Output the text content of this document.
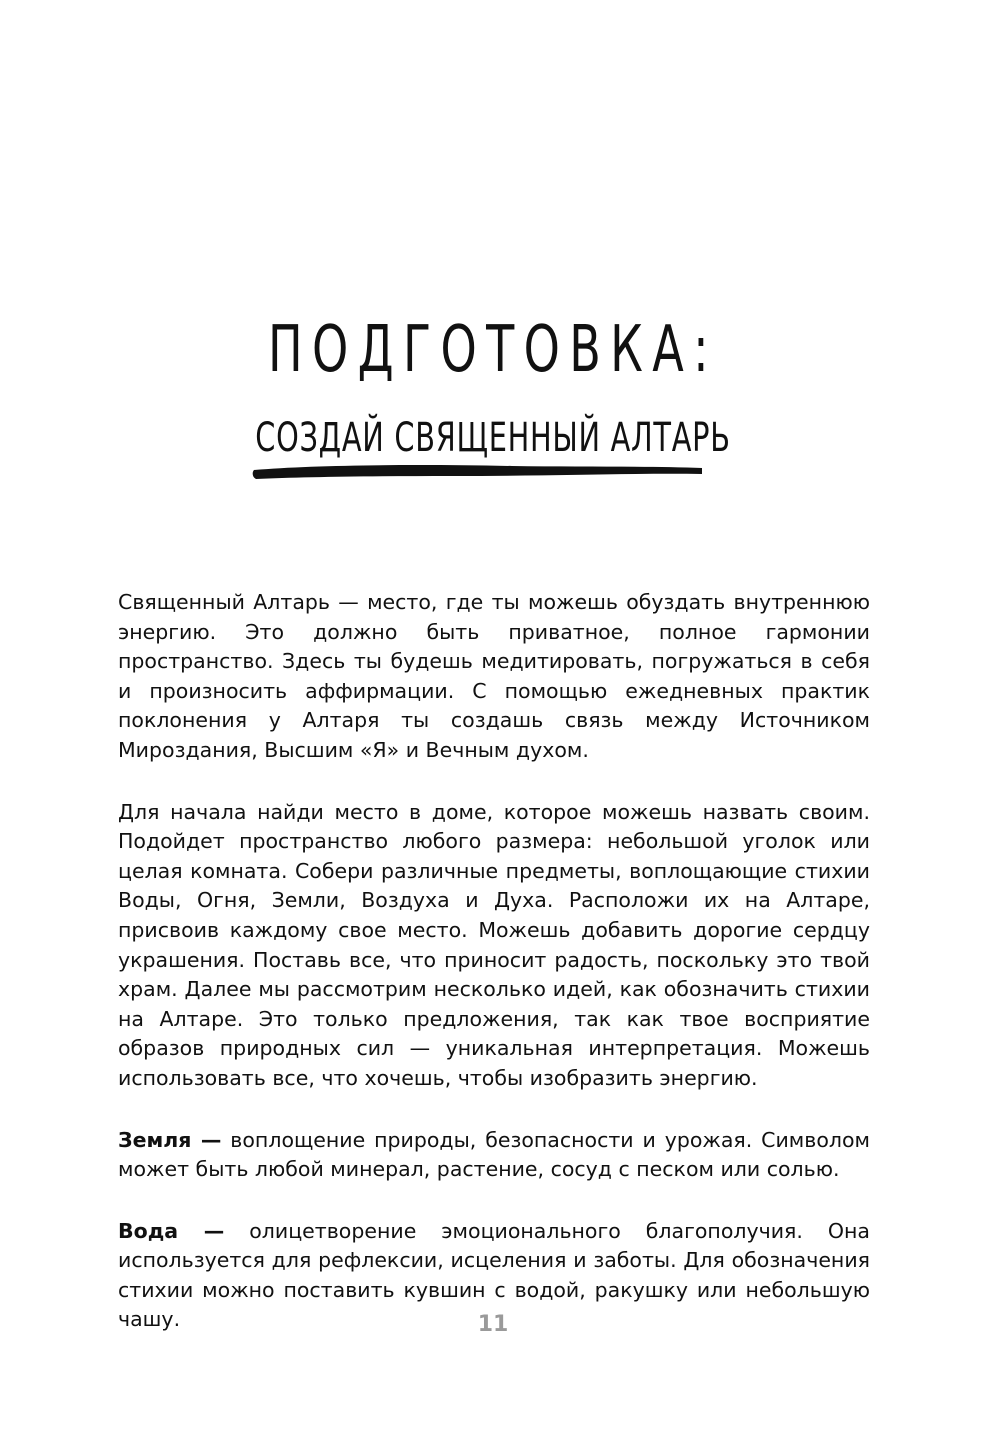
ПОДГОТОВКА:
СОЗДАЙ СВЯЩЕННЫЙ АЛТАРЬ

Священный Алтарь — место, где ты можешь обуздать внутреннюю энергию. Это должно быть приватное, полное гармонии пространство. Здесь ты будешь медитировать, погружаться в себя и произносить аффирмации. С помощью ежедневных практик поклонения у Алтаря ты создашь связь между Источником Мироздания, Высшим «Я» и Вечным духом.

Для начала найди место в доме, которое можешь назвать своим. Подойдет пространство любого размера: небольшой уголок или целая комната. Собери различные предметы, воплощающие стихии Воды, Огня, Земли, Воздуха и Духа. Расположи их на Алтаре, присвоив каждому свое место. Можешь добавить дорогие сердцу украшения. Поставь все, что приносит радость, поскольку это твой храм. Далее мы рассмотрим несколько идей, как обозначить стихии на Алтаре. Это только предложения, так как твое восприятие образов природных сил — уникальная интерпретация. Можешь использовать все, что хочешь, чтобы изобразить энергию.

Земля — воплощение природы, безопасности и урожая. Символом может быть любой минерал, растение, сосуд с песком или солью.

Вода — олицетворение эмоционального благополучия. Она используется для рефлексии, исцеления и заботы. Для обозначения стихии можно поставить кувшин с водой, ракушку или небольшую чашу.	11
